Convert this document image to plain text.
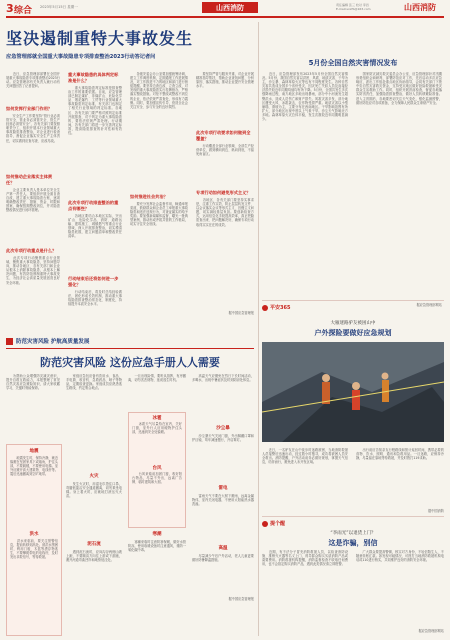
3 综合 2023年5月15日 星期一	山西消防	责任编辑 张三 校对 李四
E-mail:sxxfb@163.com	山西消防
坚决遏制重特大事故发生
应急管理部就全国重大事故隐患专项排查整治2023行动答记者问
　　近日，应急管理部部署在全国开展重大事故隐患专项排查整治2023行动。应急管理部有关负责人就行动有关问题回答了记者提问。
如何发挥行业部门作用？
　　安全生产工作要坚持“管行业必须管安全、管业务必须管安全、管生产经营必须管安全”，各有关部门要按照职责分工，组织开展本行业领域重大事故隐患排查整治，对企业进行检查指导，督促企业落实安全生产主体责任，切实做到应查尽查、应改尽改。
如何推动企业落实主体责任？
　　企业主要负责人是本单位安全生产第一责任人，要组织开展全面自查自改，建立重大事故隐患台账，逐项明确整改责任、措施、资金、时限和预案，确保按期整改到位，并对隐患整改情况进行闭环管理。
此次专项行动重点是什么？
　　此次专项行动聚焦重点行业领域，聚焦重大事故隐患，坚持问题导向，推动各地区、各有关部门和企业从根本上消除事故隐患，从根本上解决问题，有效防范遏制重特大事故发生，为经济社会高质量发展创造良好安全环境。
重大事故隐患的具体判定标准是什么？
　　重大事故隐患判定标准是排查整治工作的重要依据。目前，应急管理部已制定煤矿、非煤矿山、危险化学品、烟花爆竹、工贸等行业领域重大事故隐患判定标准，有关部门也制定了相关行业领域的判定标准。各地区、各有关部门要严格对照判定标准开展排查，对于判定为重大事故隐患的，要依法依规严肃处理。行动期间，各有关部门将进一步完善判定标准，提高隐患排查的针对性和有效性。
此次专项行动排查整治的重点有哪些？
　　各地区要结合本地区实际，突出矿山、危险化学品、消防、道路运输、建筑施工、城镇燃气等重点行业领域，深入开展排查整治，切实摸清隐患底数，建立问题清单和整改责任清单。
行动结束后还将如何进一步强化？
　　行动结束后，将及时总结经验做法，固化形成长效机制，推动重大事故隐患排查整治常态化、制度化，持续提升本质安全水平。
　　各级安委会办公室要加强统筹协调，建立工作调度机制，定期通报工作进展情况，对工作推进不力的地区和部门进行督促提醒。要坚持边查边改、立查立改，对发现的重大事故隐患实行挂牌督办，严格落实整改措施。对拒不整改或整改不到位的企业，依法依规严肃查处，形成有力震慑。同时，要加强宣传引导，营造全社会关注安全、参与安全的良好氛围。
如何推进社会共治？
　　要充分发挥社会监督作用，畅通举报渠道，鼓励群众和企业员工举报重大事故隐患和违法违规行为，对查证属实的给予奖励。要加强新闻媒体监督，曝光一批典型案例，推动形成齐抓共管的工作格局，切实守住安全底线。
　　要坚持严管与服务并重，对企业开展精准指导帮扶，帮助企业查找问题、分析原因、落实措施，推动企业提升安全管理水平。
此次专项行动要求如何做到全覆盖？
　　行动覆盖全部行业领域、全部生产经营单位，做到横向到边、纵向到底，不留死角盲区。
专项行动如何避免形式主义？
　　各地区、各有关部门要坚持实事求是，注重工作实效，防止层层转发文件、以会议落实会议等形式主义、官僚主义问题，切实减轻基层负担。要创新检查方式，运用信息化手段提高效率，真正把隐患查出来、把问题解决好，确保专项行动取得实实在在的成效。
据中国应急管理报
5月份全国自然灾害情况发布
　　近日，应急管理部发布2023年5月份全国自然灾害情况。5月份，我国自然灾害以洪涝、风雹、地质灾害、干旱为主，沙尘暴、森林草原火灾等也有不同程度发生。各种自然灾害共造成全国多个省份受灾，因灾死亡失踪人员及直接经济损失较近年同期均值均有所下降。5月份，全国共发生多次强降雨过程，南方地区多地出现暴雨，部分中小河流发生超警洪水，造成人员伤亡和财产损失。风雹灾害多发，部分地区遭受大风、冰雹袭击，农作物受损严重。地质灾害以小型崩塌、滑坡为主，主要分布在西南地区。干旱影响范围有所扩大，部分地区出现中度以上气象干旱。沙尘天气影响北方多地。森林草原火灾总体平稳，发生次数较近年同期明显减少。
　　国家防灾减灾救灾委员会办公室、应急管理部针对汛期形势组织会商研判，部署防范应对工作，先后启动多次应急响应，派出工作组赴重点地区协助指导，会同有关部门下拨中央自然灾害救灾资金，支持受灾地区做好抢险救援和受灾群众生活救助工作。同时，组织开展汛前检查，督促各地落实防汛责任，加强隐患排查整治，做好人员转移避险准备。进入主汛期后，各地要密切关注天气变化，强化监测预警，做好防范应对各项准备，全力保障人民群众生命财产安全。
据应急管理部网站
平安365
大雁迷路驴友被困山中
户外探险要做好应急规划
　　近日，一名驴友在山中徒步时迷路被困，当地消防救援人员接警后迅速出动，经过数小时搜寻，成功将被困人员安全救出。消防提醒，户外活动前务必做好规划，掌握天气信息，结伴而行，避免进入未开发区域。
　　出行前应告知亲友行程路线和预计返回时间，携带必要的食物、饮水、照明、通讯和急救用品。一旦迷路，应保持冷静，尽量留在原地等待救援，并及时拨打119求助。
据中国消防
提个醒
“李雨光”以退货上门？
这是诈骗，别信
　　近期，有不法分子冒充消防救援人员，以检查消防设施、推销灭火器等名义上门，诱导群众购买劣质消防产品或索要费用。消防救援机构提醒，消防监督检查不收取任何费用，也不会指定购买消防产品，遇到此类情况请立即报警。
　　广大群众要提高警惕，核实对方身份，不轻信陌生人，不随意转账汇款。如发现可疑情况，可拨打当地消防救援机构电话或110进行核实，共同维护良好的消防安全环境。
据应急管理部网站
防范灾害风险 护航高质量发展
防范灾害风险 这份应急手册人人需要
　　为帮助公众增强防灾减灾意识，提升自救互救能力，本报整理了常见自然灾害应急避险知识，请大家收藏学习，关键时刻能保命。
地震
　　地震发生时，保持冷静，就近躲避在坚固家具下或墙角，护住头部，不要跳楼，不要使用电梯。室外应避开高大建筑物、电线杆等。震后迅速撤离到空旷地带。
洪水
　　洪水来临前，要关注预警信息，提前转移到高处。被洪水围困时，利用门板、木盆等漂浮物逃生，不要攀爬带电的电线杆，及时发出求救信号，等待救援。
　　家庭应急包应备有饮用水、食品、手电筒、收音机、急救药品、哨子等物品，定期检查更换。家庭成员应熟悉逃生路线，约定集合地点。
火灾
　　发生火灾时，用湿毛巾捂住口鼻，弯腰低姿沿安全通道撤离，切勿乘坐电梯。身上着火时，应就地打滚压灭火苗。
泥石流
　　遇到泥石流时，应向沟谷两侧山坡上跑，不要顺沟方向往上游或下游跑，避开河道弯曲凹岸和地势低洼处。
　　一旦出现险情，要听从指挥，有序撤离，切勿贪恋财物，延误逃生时机。
冰雹
　　冰雹天气尽量待在室内，关好门窗，室外行人应用硬物护住头部，迅速到安全处躲避。
台风
　　台风来临前加固门窗，收好阳台物品，尽量不外出，远离广告牌、临时建筑和大树。
寒潮
　　寒潮来临时注意防寒保暖，做好水管防冻，使用取暖设备时注意通风，谨防一氧化碳中毒。
　　高温天气应避免在烈日下长时间活动，多喝水，出现中暑症状及时到阴凉处休息。
沙尘暴
　　沙尘暴天气关闭门窗，外出佩戴口罩和护目镜，驾车减速慢行，开启雾灯。
雷电
　　雷雨天气不要在大树下避雨，远离金属物体，室内关闭电器，不使用太阳能热水器洗澡。
高温
　　尽量减少午后户外活动，老人儿童更要做好防暑降温措施。
据中国应急管理报
